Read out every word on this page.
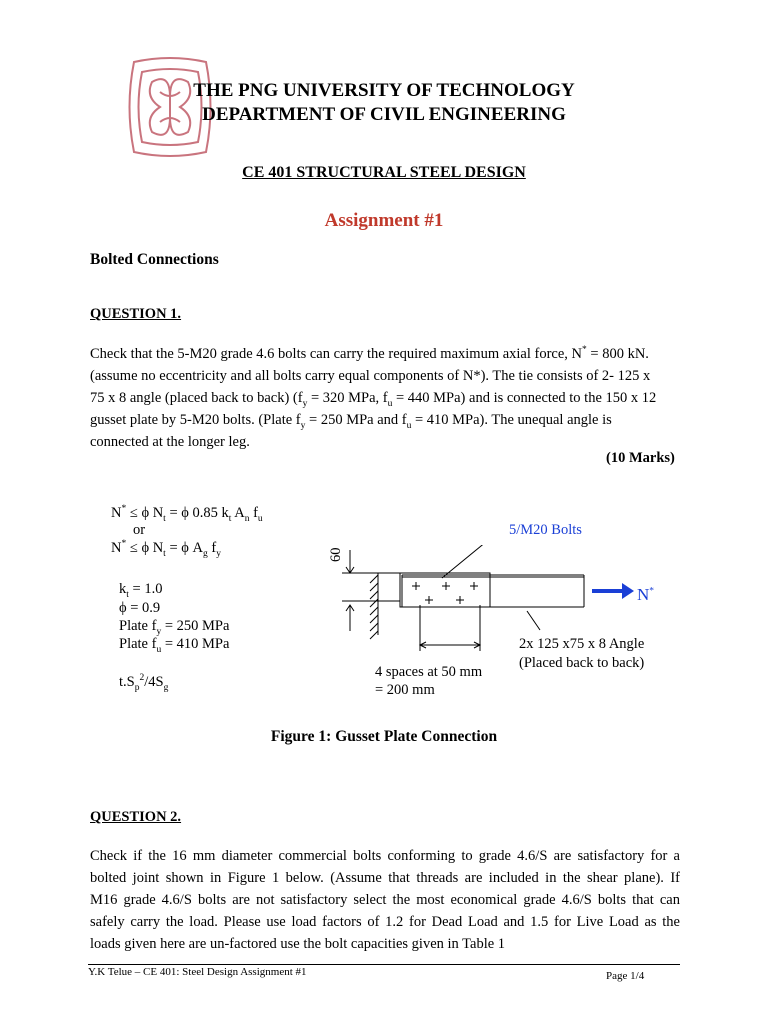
THE PNG UNIVERSITY OF TECHNOLOGY
DEPARTMENT OF CIVIL ENGINEERING
CE 401 STRUCTURAL STEEL DESIGN
Assignment #1
Bolted Connections
QUESTION 1.
Check that the 5-M20 grade 4.6 bolts can carry the required maximum axial force, N* = 800 kN.
(assume no eccentricity and all bolts carry equal components of N*). The tie consists of 2- 125 x
75 x 8 angle (placed back to back) ($f_y = 320$ MPa, $f_u = 440$ MPa) and is connected to the 150 x 12
gusset plate by 5-M20 bolts. (Plate $f_y = 250$ MPa and $f_u = 410$ MPa). The unequal angle is
connected at the longer leg.
(10 Marks)
N* ≤ ϕ $N_t = \phi$ 0.85 $k_t$ $A_n$ $f_u$
or
N* ≤ ϕ $N_t = \phi$ $A_g$ $f_y$
$k_t = 1.0$
ϕ = 0.9
Plate $f_y = 250$ MPa
Plate $f_u = 410$ MPa
$t.S_p^2/4S_g$
5/M20 Bolts
60
N*
2x 125 x75 x 8 Angle
(Placed back to back)
4 spaces at 50 mm
= 200 mm
Figure 1: Gusset Plate Connection
QUESTION 2.
Check if the 16 mm diameter commercial bolts conforming to grade 4.6/S are satisfactory for a
bolted joint shown in Figure 1 below. (Assume that threads are included in the shear plane). If
M16 grade 4.6/S bolts are not satisfactory select the most economical grade 4.6/S bolts that can
safely carry the load. Please use load factors of 1.2 for Dead Load and 1.5 for Live Load as the
loads given here are un-factored use the bolt capacities given in Table 1
Y.K Telue – CE 401: Steel Design Assignment #1	Page 1/4
